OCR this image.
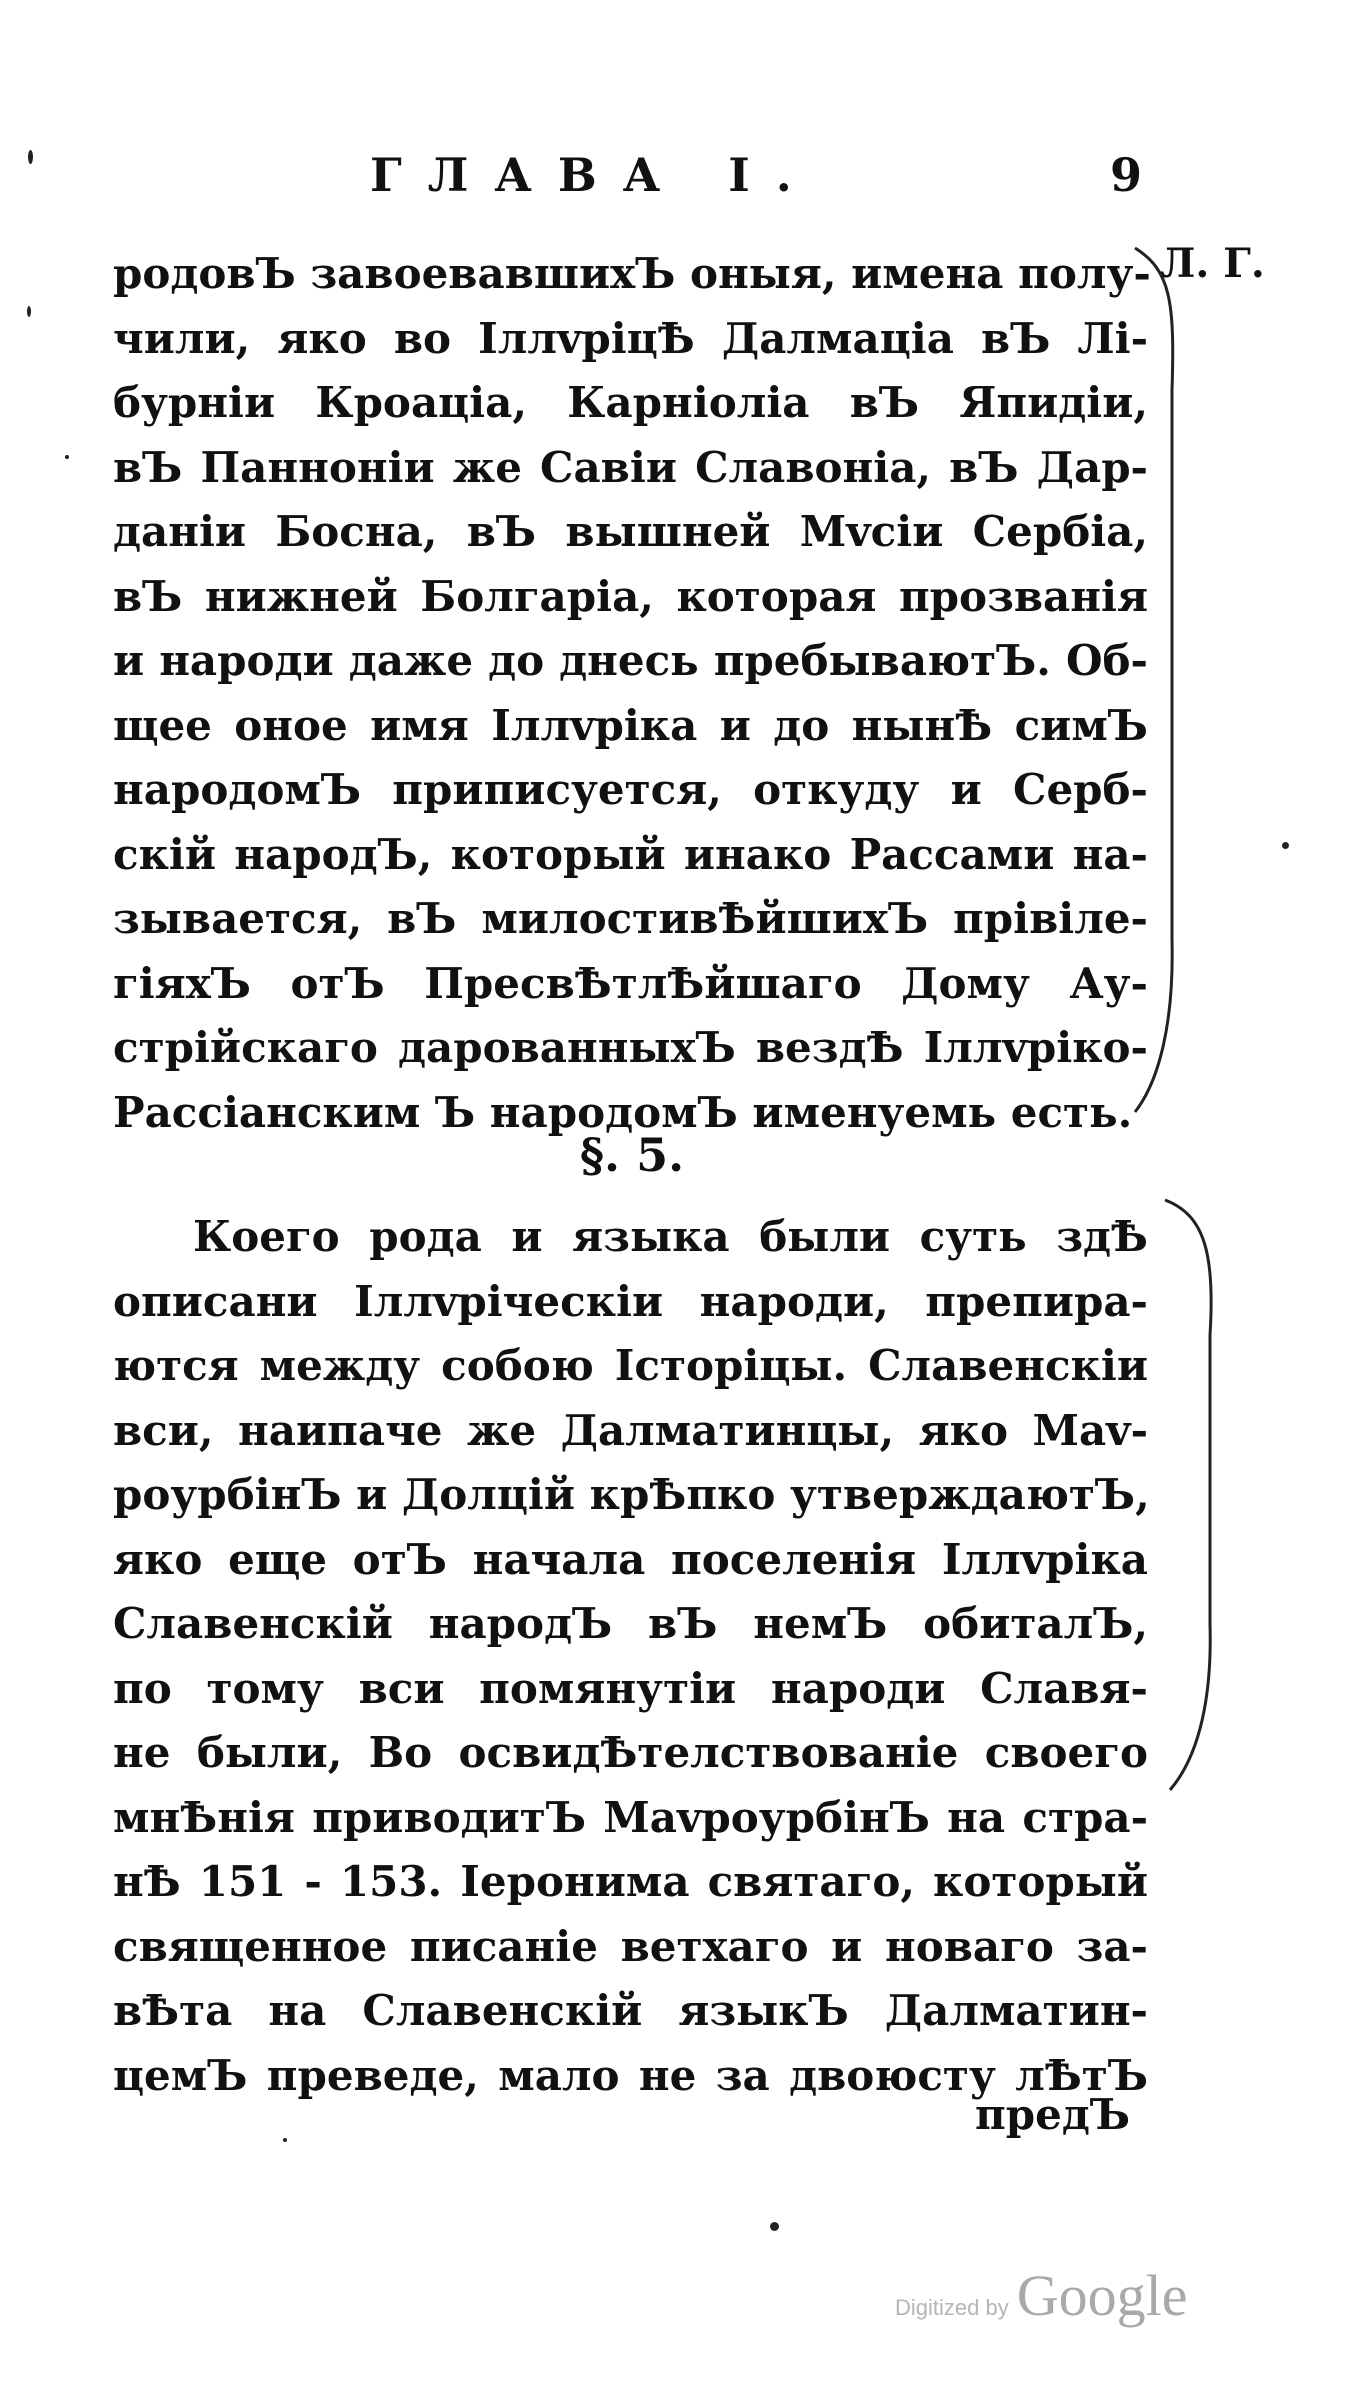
ГЛАВА I.	9
Л. Г.
родовЪ завоевавшихЪ оныя, имена полу-
чили, яко во ІллvріцѢ Далмаціа вЪ Лі-
бурніи Кроаціа, Карніоліа вЪ Япидіи,
вЪ Панноніи же Савіи Славоніа, вЪ Дар-
даніи Босна, вЪ вышней Мvсіи Сербіа,
вЪ нижней Болгаріа, которая прозванія
и народи даже до днесь пребываютЪ. Об-
щее оное имя Іллvріка и до нынѢ симЪ
народомЪ приписуется, откуду и Серб-
скій народЪ, который инако Рассами на-
зывается, вЪ милостивѢйшихЪ прівіле-
гіяхЪ отЪ ПресвѢтлѢйшаго Дому Ау-
стрійскаго дарованныхЪ вездѢ Іллvріко-
Рассіанским Ъ народомЪ именуемь есть.
§. 5.
Коего рода и языка были суть здѢ
описани Іллvріческіи народи, препира-
ются между собою Історіцы. Славенскіи
вси, наипаче же Далматинцы, яко Маv-
роурбінЪ и Долцій крѢпко утверждаютЪ,
яко еще отЪ начала поселенія Іллvріка
Славенскій народЪ вЪ немЪ обиталЪ,
по тому вси помянутіи народи Славя-
не были, Во освидѢтелствованіе своего
мнѢнія приводитЪ МаvроурбінЪ на стра-
нѢ 151 - 153. Іеронима святаго, который
священное писаніе ветхаго и новаго за-
вѢта на Славенскій языкЪ Далматин-
цемЪ преведе, мало не за двоюсту лѢтЪ
предЪ
Digitized by Google
